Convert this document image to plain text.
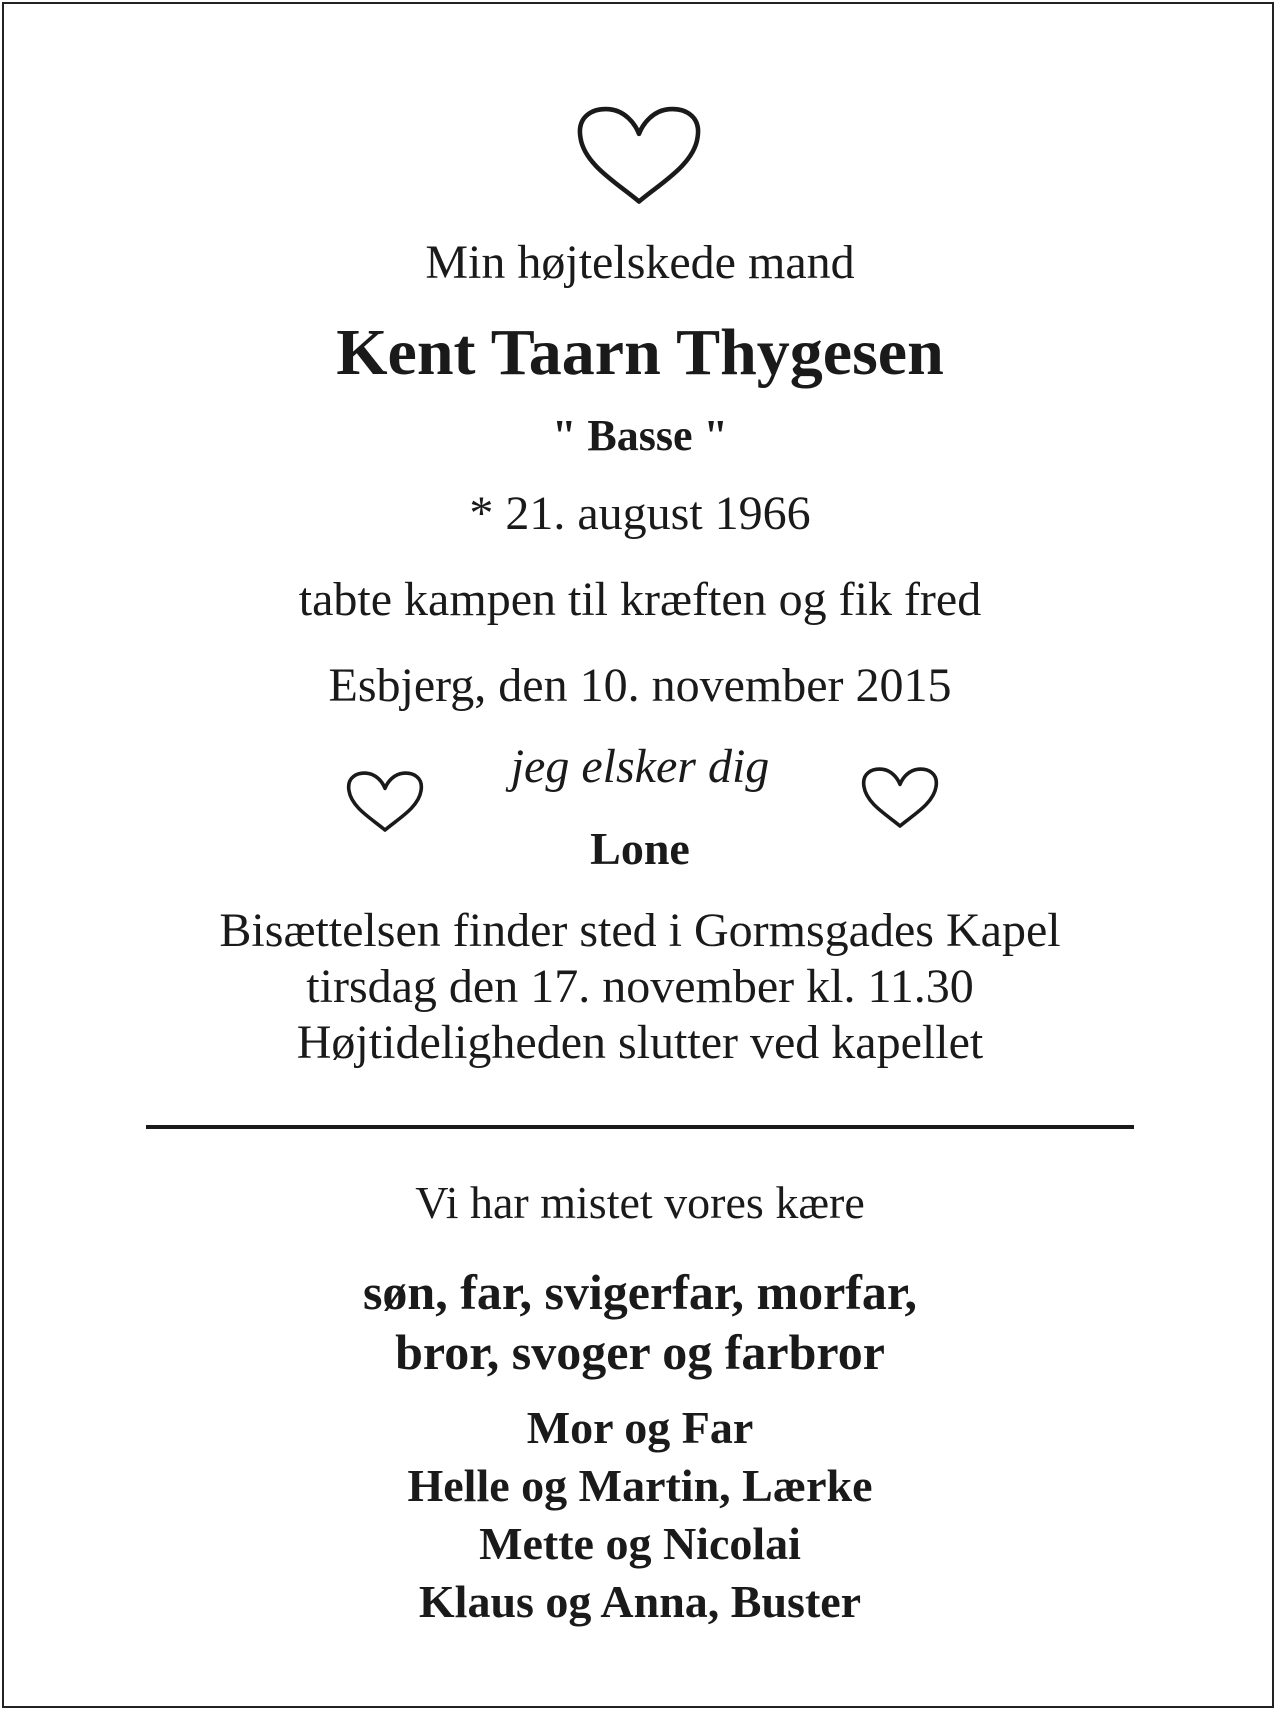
Min højtelskede mand
Kent Taarn Thygesen
" Basse "
* 21. august 1966
tabte kampen til kræften og fik fred
Esbjerg, den 10. november 2015
jeg elsker dig
Lone
Bisættelsen finder sted i Gormsgades Kapel
tirsdag den 17. november kl. 11.30
Højtideligheden slutter ved kapellet
Vi har mistet vores kære
søn, far, svigerfar, morfar,
bror, svoger og farbror
Mor og Far
Helle og Martin, Lærke
Mette og Nicolai
Klaus og Anna, Buster
